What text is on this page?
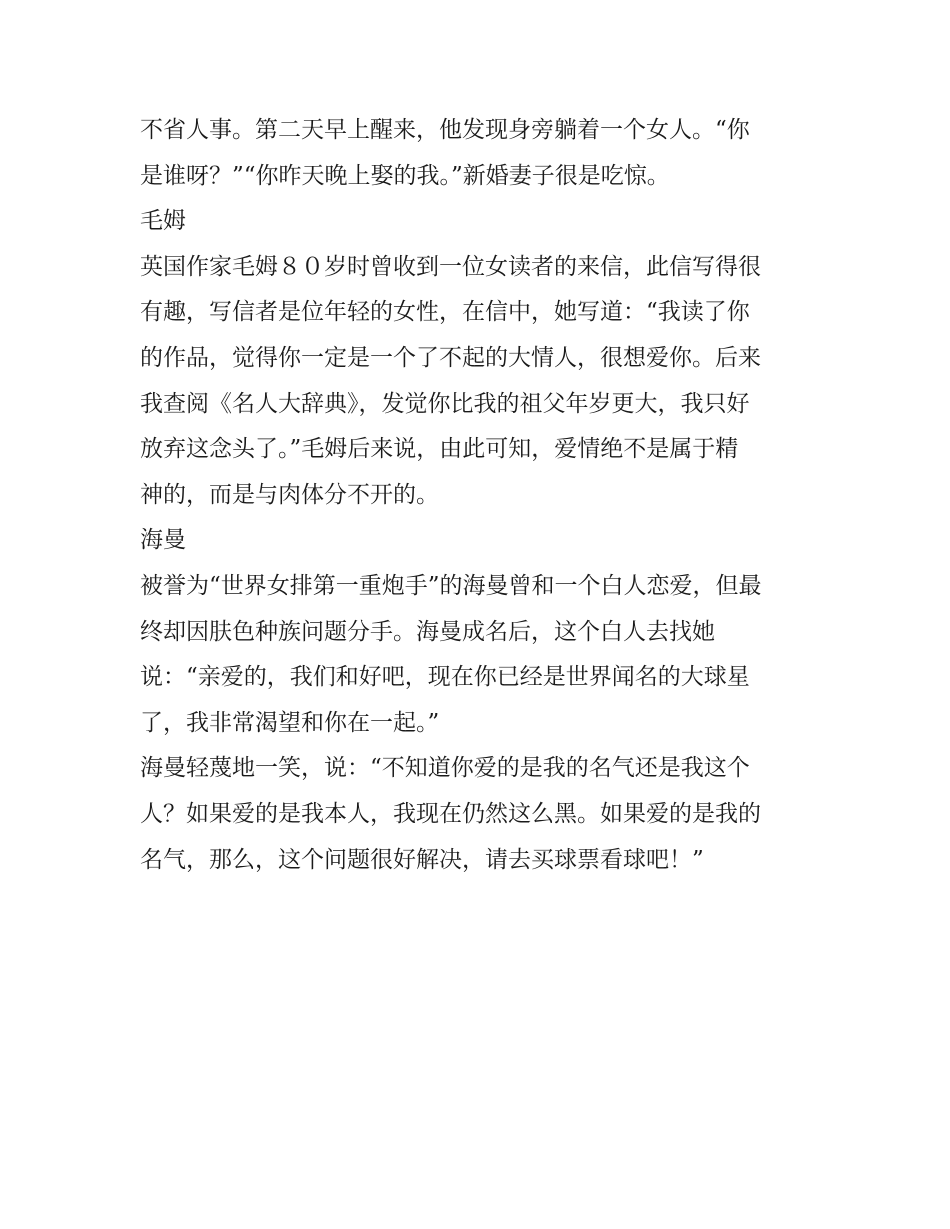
不省人事。第二天早上醒来，他发现身旁躺着一个女人。“你
是谁呀？”“你昨天晚上娶的我。”新婚妻子很是吃惊。
毛姆
英国作家毛姆８０岁时曾收到一位女读者的来信，此信写得很
有趣，写信者是位年轻的女性，在信中，她写道：“我读了你
的作品，觉得你一定是一个了不起的大情人，很想爱你。后来
我查阅《名人大辞典》，发觉你比我的祖父年岁更大，我只好
放弃这念头了。”毛姆后来说，由此可知，爱情绝不是属于精
神的，而是与肉体分不开的。
海曼
被誉为“世界女排第一重炮手”的海曼曾和一个白人恋爱，但最
终却因肤色种族问题分手。海曼成名后，这个白人去找她
说：“亲爱的，我们和好吧，现在你已经是世界闻名的大球星
了，我非常渴望和你在一起。”
海曼轻蔑地一笑，说：“不知道你爱的是我的名气还是我这个
人？如果爱的是我本人，我现在仍然这么黑。如果爱的是我的
名气，那么，这个问题很好解决，请去买球票看球吧！”
